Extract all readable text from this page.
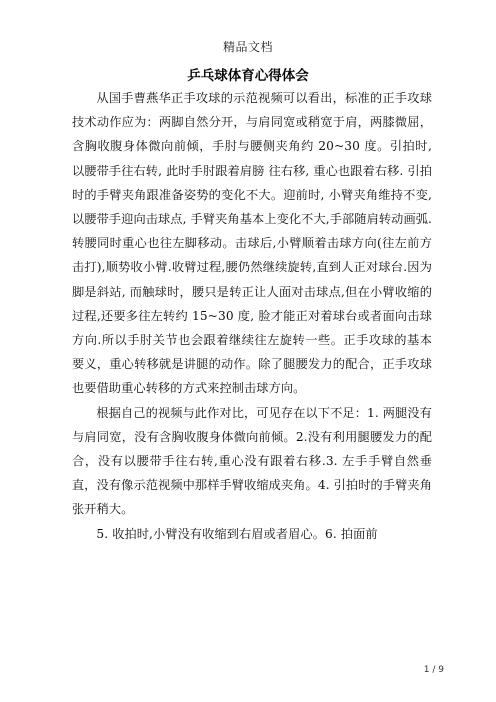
精品文档
乒乓球体育心得体会

从国手曹燕华正手攻球的示范视频可以看出，标准的正手攻球技术动作应为：两脚自然分开，与肩同宽或稍宽于肩，两膝微屈，含胸收腹身体微向前倾，手肘与腰侧夹角约 20~30 度。引拍时, 以腰带手往右转, 此时手肘跟着肩膀 往右移, 重心也跟着右移. 引拍时的手臂夹角跟准备姿势的变化不大。迎前时, 小臂夹角维持不变, 以腰带手迎向击球点, 手臂夹角基本上变化不大,手部随肩转动画弧.转腰同时重心也往左脚移动。击球后,小臂顺着击球方向(往左前方击打),顺势收小臂.收臂过程,腰仍然继续旋转,直到人正对球台.因为脚是斜站, 而触球时，腰只是转正让人面对击球点,但在小臂收缩的过程,还要多往左转约 15~30 度, 脸才能正对着球台或者面向击球方向.所以手肘关节也会跟着继续往左旋转一些。正手攻球的基本要义，重心转移就是讲腿的动作。除了腿腰发力的配合，正手攻球也要借助重心转移的方式来控制击球方向。

根据自己的视频与此作对比，可见存在以下不足：1. 两腿没有与肩同宽，没有含胸收腹身体微向前倾。2.没有利用腿腰发力的配合，没有以腰带手往右转,重心没有跟着右移.3. 左手手臂自然垂直，没有像示范视频中那样手臂收缩成夹角。4. 引拍时的手臂夹角张开稍大。

5. 收拍时,小臂没有收缩到右眉或者眉心。6. 拍面前

1 / 9
